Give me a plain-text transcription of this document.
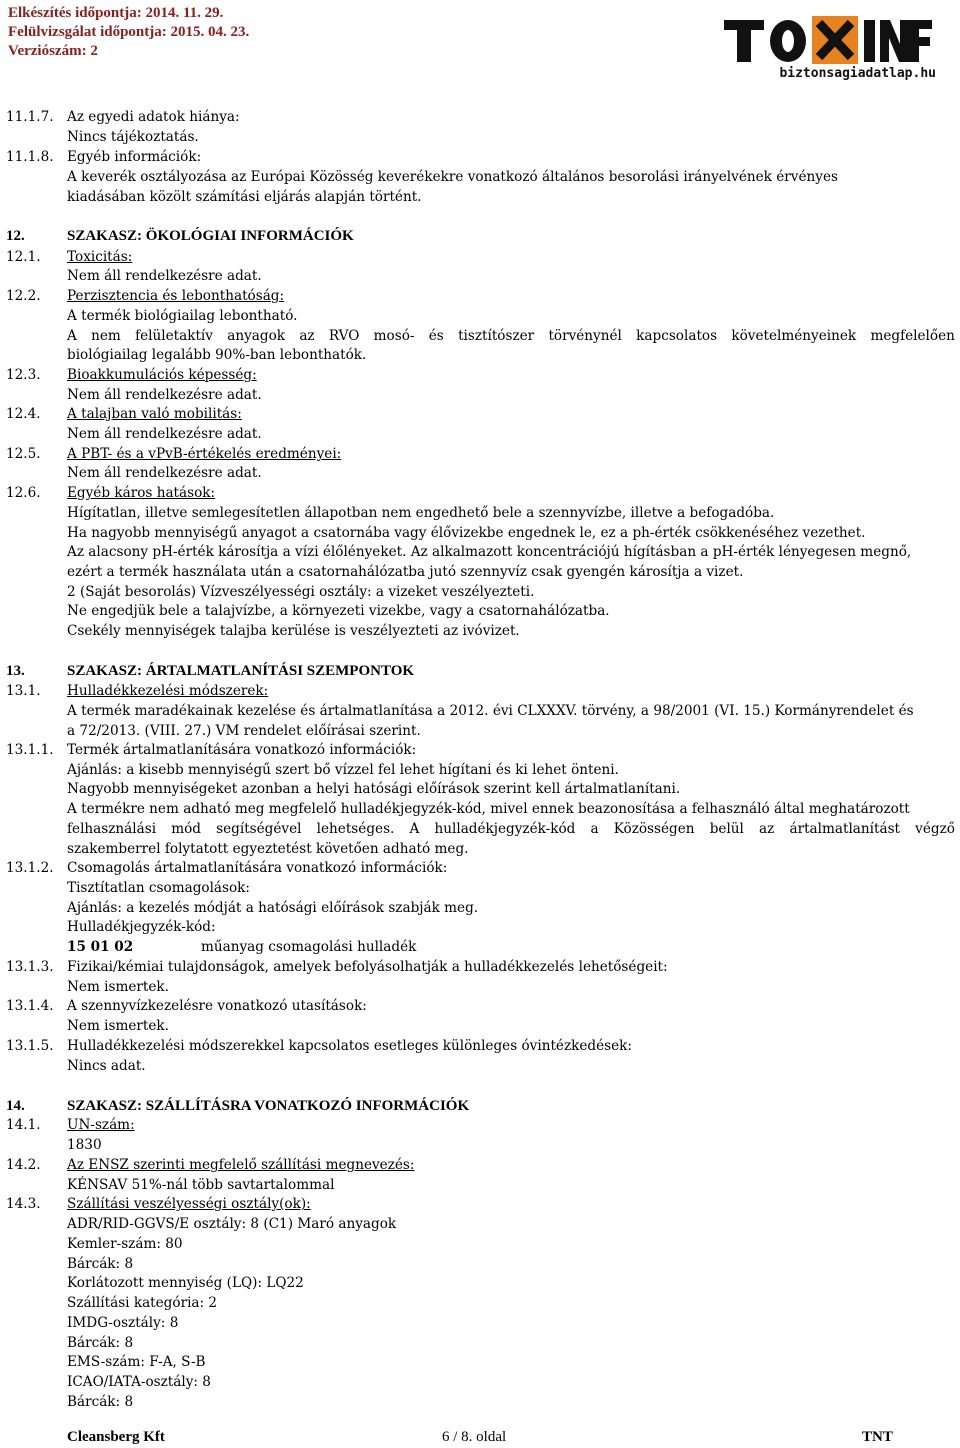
Elkészítés időpontja: 2014. 11. 29.
Felülvizsgálat időpontja: 2015. 04. 23.
Verziószám: 2
biztonsagiadatlap.hu
11.1.7. Az egyedi adatok hiánya:
Nincs tájékoztatás.
11.1.8. Egyéb információk:
A keverék osztályozása az Európai Közösség keverékekre vonatkozó általános besorolási irányelvének érvényes
kiadásában közölt számítási eljárás alapján történt.
12.	SZAKASZ: ÖKOLÓGIAI INFORMÁCIÓK
12.1. Toxicitás:
Nem áll rendelkezésre adat.
12.2. Perzisztencia és lebonthatóság:
A termék biológiailag lebontható.
A nem felületaktív anyagok az RVO mosó- és tisztítószer törvénynél kapcsolatos követelményeinek megfelelően
biológiailag legalább 90%-ban lebonthatók.
12.3. Bioakkumulációs képesség:
Nem áll rendelkezésre adat.
12.4. A talajban való mobilitás:
Nem áll rendelkezésre adat.
12.5. A PBT- és a vPvB-értékelés eredményei:
Nem áll rendelkezésre adat.
12.6. Egyéb káros hatások:
Hígítatlan, illetve semlegesítetlen állapotban nem engedhető bele a szennyvízbe, illetve a befogadóba.
Ha nagyobb mennyiségű anyagot a csatornába vagy élővizekbe engednek le, ez a ph-érték csökkenéséhez vezethet.
Az alacsony pH-érték károsítja a vízi élőlényeket. Az alkalmazott koncentrációjú hígításban a pH-érték lényegesen megnő,
ezért a termék használata után a csatornahálózatba jutó szennyvíz csak gyengén károsítja a vizet.
2 (Saját besorolás) Vízveszélyességi osztály: a vizeket veszélyezteti.
Ne engedjük bele a talajvízbe, a környezeti vizekbe, vagy a csatornahálózatba.
Csekély mennyiségek talajba kerülése is veszélyezteti az ivóvizet.
13.	SZAKASZ: ÁRTALMATLANÍTÁSI SZEMPONTOK
13.1. Hulladékkezelési módszerek:
A termék maradékainak kezelése és ártalmatlanítása a 2012. évi CLXXXV. törvény, a 98/2001 (VI. 15.) Kormányrendelet és
a 72/2013. (VIII. 27.) VM rendelet előírásai szerint.
13.1.1. Termék ártalmatlanítására vonatkozó információk:
Ajánlás: a kisebb mennyiségű szert bő vízzel fel lehet hígítani és ki lehet önteni.
Nagyobb mennyiségeket azonban a helyi hatósági előírások szerint kell ártalmatlanítani.
A termékre nem adható meg megfelelő hulladékjegyzék-kód, mivel ennek beazonosítása a felhasználó által meghatározott
felhasználási mód segítségével lehetséges. A hulladékjegyzék-kód a Közösségen belül az ártalmatlanítást végző
szakemberrel folytatott egyeztetést követően adható meg.
13.1.2. Csomagolás ártalmatlanítására vonatkozó információk:
Tisztítatlan csomagolások:
Ajánlás: a kezelés módját a hatósági előírások szabják meg.
Hulladékjegyzék-kód:
15 01 02	műanyag csomagolási hulladék
13.1.3. Fizikai/kémiai tulajdonságok, amelyek befolyásolhatják a hulladékkezelés lehetőségeit:
Nem ismertek.
13.1.4. A szennyvízkezelésre vonatkozó utasítások:
Nem ismertek.
13.1.5. Hulladékkezelési módszerekkel kapcsolatos esetleges különleges óvintézkedések:
Nincs adat.
14.	SZAKASZ: SZÁLLÍTÁSRA VONATKOZÓ INFORMÁCIÓK
14.1. UN-szám:
1830
14.2. Az ENSZ szerinti megfelelő szállítási megnevezés:
KÉNSAV 51%-nál több savtartalommal
14.3. Szállítási veszélyességi osztály(ok):
ADR/RID-GGVS/E osztály: 8 (C1) Maró anyagok
Kemler-szám: 80
Bárcák: 8
Korlátozott mennyiség (LQ): LQ22
Szállítási kategória: 2
IMDG-osztály: 8
Bárcák: 8
EMS-szám: F-A, S-B
ICAO/IATA-osztály: 8
Bárcák: 8
Cleansberg Kft	6 / 8. oldal	TNT
